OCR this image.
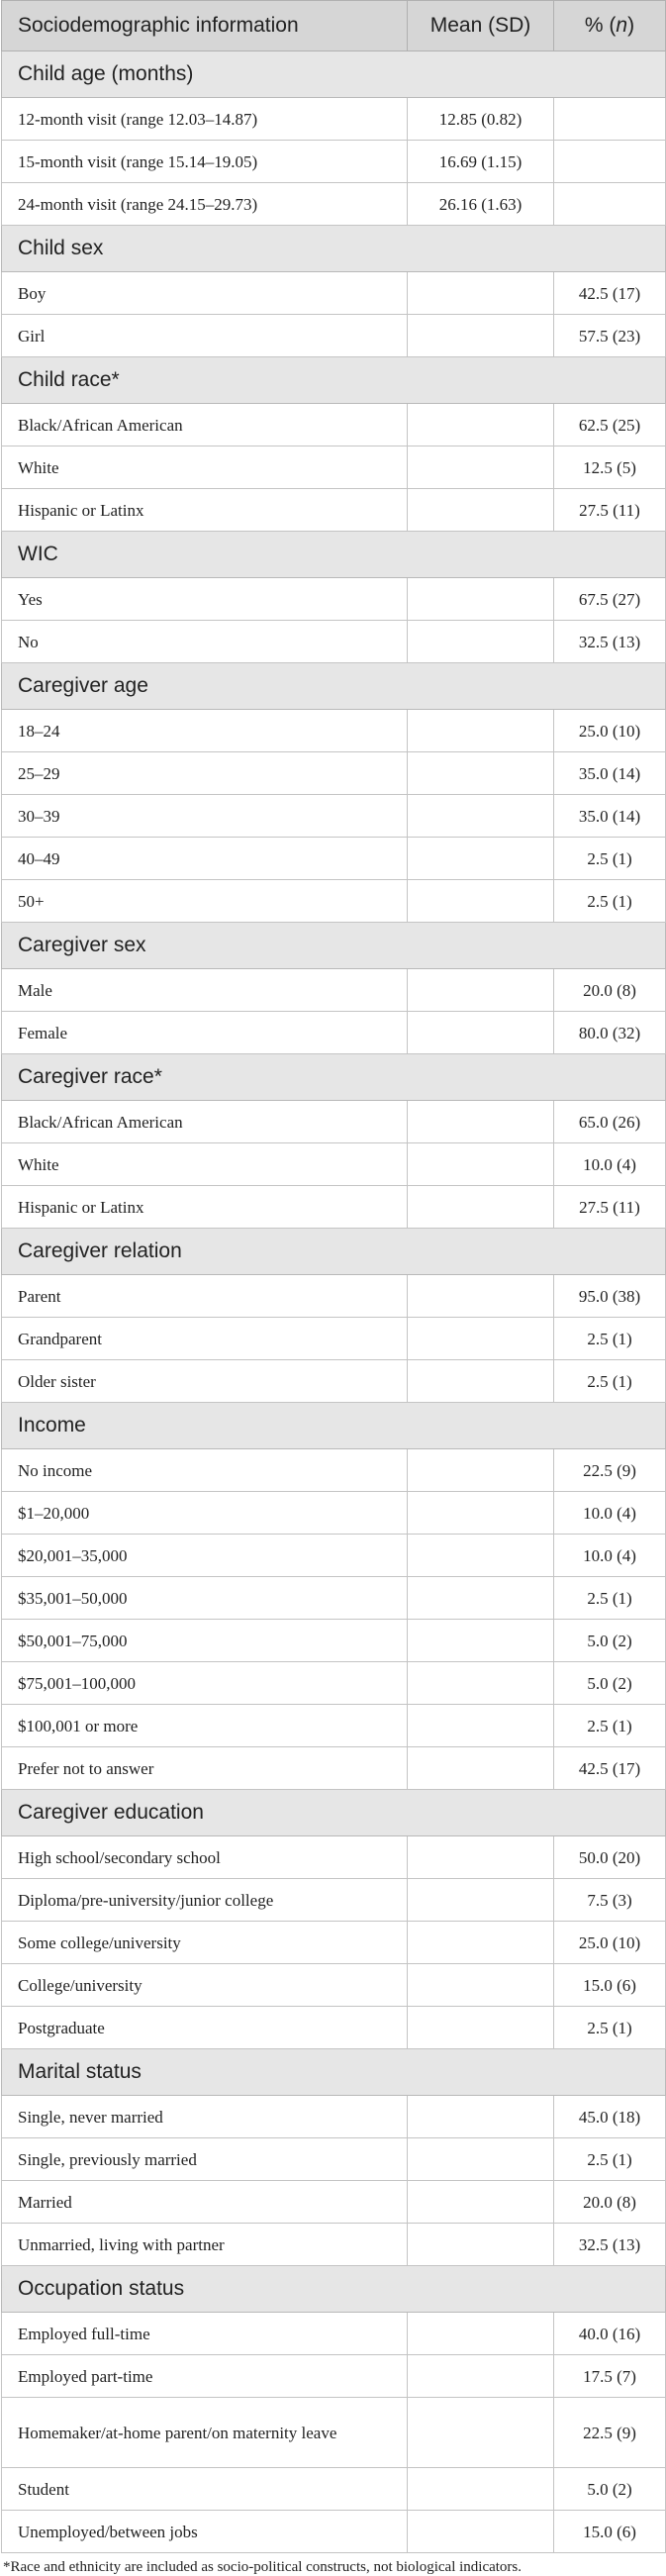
Sociodemographic information	Mean (SD)	% (n)
Child age (months)		
12-month visit (range 12.03–14.87)	12.85 (0.82)	
15-month visit (range 15.14–19.05)	16.69 (1.15)	
24-month visit (range 24.15–29.73)	26.16 (1.63)	
Child sex		
Boy		42.5 (17)
Girl		57.5 (23)
Child race*		
Black/African American		62.5 (25)
White		12.5 (5)
Hispanic or Latinx		27.5 (11)
WIC		
Yes		67.5 (27)
No		32.5 (13)
Caregiver age		
18–24		25.0 (10)
25–29		35.0 (14)
30–39		35.0 (14)
40–49		2.5 (1)
50+		2.5 (1)
Caregiver sex		
Male		20.0 (8)
Female		80.0 (32)
Caregiver race*		
Black/African American		65.0 (26)
White		10.0 (4)
Hispanic or Latinx		27.5 (11)
Caregiver relation		
Parent		95.0 (38)
Grandparent		2.5 (1)
Older sister		2.5 (1)
Income		
No income		22.5 (9)
$1–20,000		10.0 (4)
$20,001–35,000		10.0 (4)
$35,001–50,000		2.5 (1)
$50,001–75,000		5.0 (2)
$75,001–100,000		5.0 (2)
$100,001 or more		2.5 (1)
Prefer not to answer		42.5 (17)
Caregiver education		
High school/secondary school		50.0 (20)
Diploma/pre-university/junior college		7.5 (3)
Some college/university		25.0 (10)
College/university		15.0 (6)
Postgraduate		2.5 (1)
Marital status		
Single, never married		45.0 (18)
Single, previously married		2.5 (1)
Married		20.0 (8)
Unmarried, living with partner		32.5 (13)
Occupation status		
Employed full-time		40.0 (16)
Employed part-time		17.5 (7)
Homemaker/at-home parent/on maternity leave		22.5 (9)
Student		5.0 (2)
Unemployed/between jobs		15.0 (6)
*Race and ethnicity are included as socio-political constructs, not biological indicators.
